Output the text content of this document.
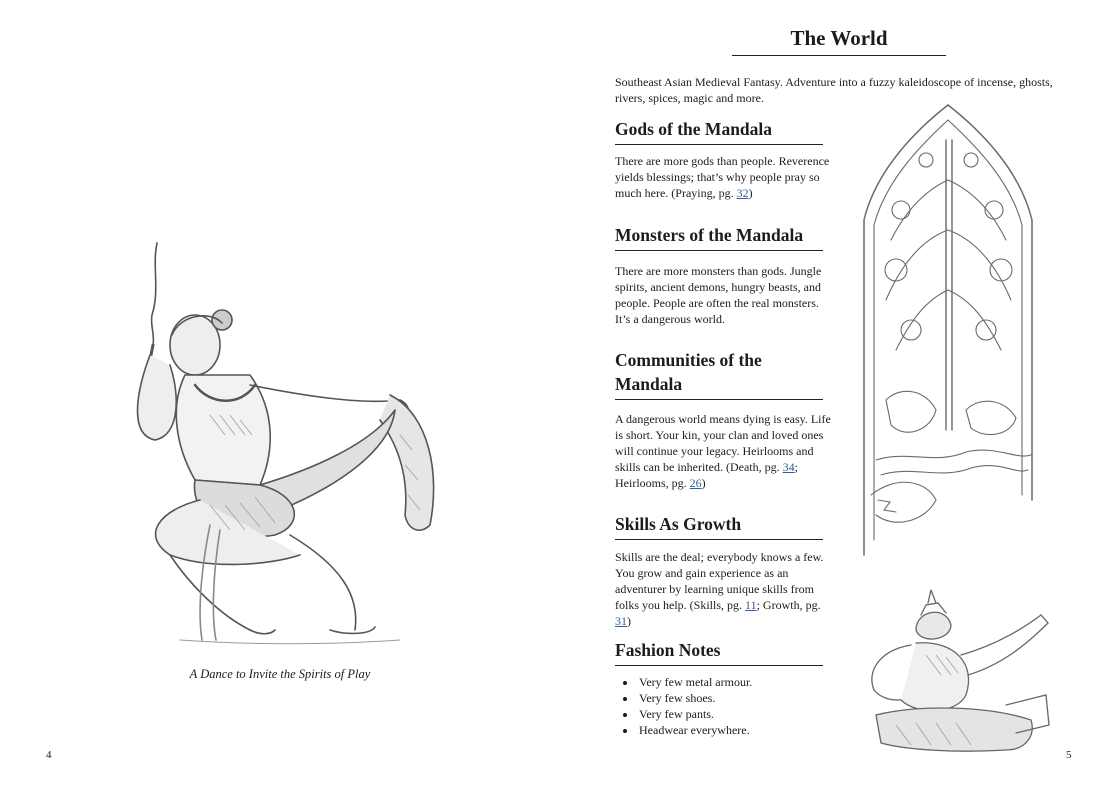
A Dance to Invite the Spirits of Play
4
The World
Southeast Asian Medieval Fantasy. Adventure into a fuzzy kaleidoscope of incense, ghosts, rivers, spices, magic and more.
Gods of the Mandala
There are more gods than people. Reverence yields blessings; that’s why people pray so much here. (Praying, pg. 32)
Monsters of the Mandala
There are more monsters than gods. Jungle spirits, ancient demons, hungry beasts, and people. People are often the real monsters. It’s a dangerous world.
Communities of the Mandala
A dangerous world means dying is easy. Life is short. Your kin, your clan and loved ones will continue your legacy. Heirlooms and skills can be inherited. (Death, pg. 34; Heirlooms, pg. 26)
Skills As Growth
Skills are the deal; everybody knows a few. You grow and gain experience as an adventurer by learning unique skills from folks you help. (Skills, pg. 11; Growth, pg. 31)
Fashion Notes
• Very few metal armour.
• Very few shoes.
• Very few pants.
• Headwear everywhere.
5
